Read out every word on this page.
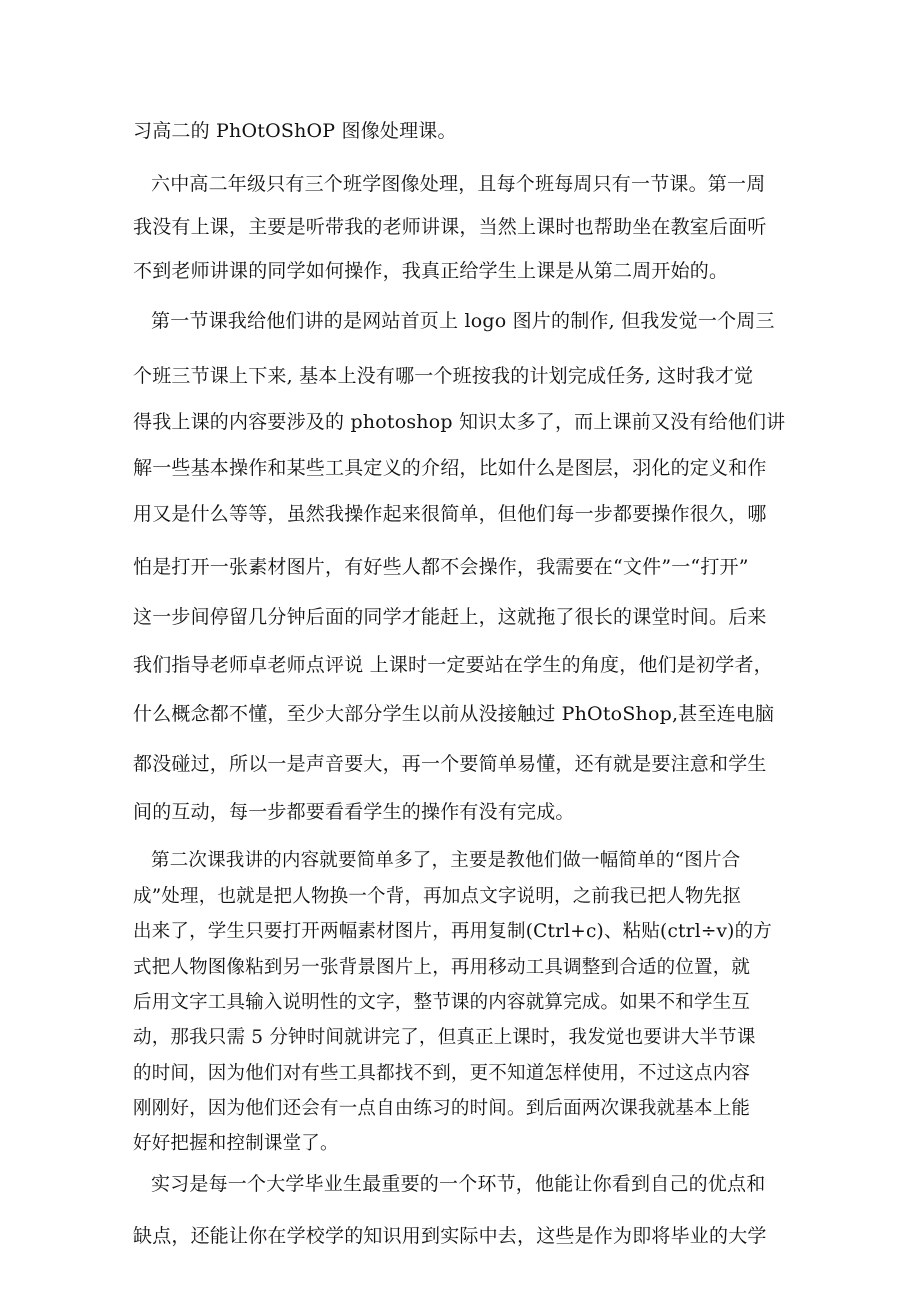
习高二的 PhOtOShOP 图像处理课。
六中高二年级只有三个班学图像处理，且每个班每周只有一节课。第一周
我没有上课，主要是听带我的老师讲课，当然上课时也帮助坐在教室后面听
不到老师讲课的同学如何操作，我真正给学生上课是从第二周开始的。
第一节课我给他们讲的是网站首页上 logo 图片的制作, 但我发觉一个周三
个班三节课上下来, 基本上没有哪一个班按我的计划完成任务, 这时我才觉
得我上课的内容要涉及的 photoshop 知识太多了，而上课前又没有给他们讲
解一些基本操作和某些工具定义的介绍，比如什么是图层，羽化的定义和作
用又是什么等等，虽然我操作起来很简单，但他们每一步都要操作很久，哪
怕是打开一张素材图片，有好些人都不会操作，我需要在“文件”一“打开”
这一步间停留几分钟后面的同学才能赶上，这就拖了很长的课堂时间。后来
我们指导老师卓老师点评说 上课时一定要站在学生的角度，他们是初学者，
什么概念都不懂，至少大部分学生以前从没接触过 PhOtoShop,甚至连电脑
都没碰过，所以一是声音要大，再一个要简单易懂，还有就是要注意和学生
间的互动，每一步都要看看学生的操作有没有完成。
第二次课我讲的内容就要简单多了，主要是教他们做一幅简单的“图片合
成”处理，也就是把人物换一个背，再加点文字说明，之前我已把人物先抠
出来了，学生只要打开两幅素材图片，再用复制(Ctrl+c)、粘贴(ctrl÷v)的方
式把人物图像粘到另一张背景图片上，再用移动工具调整到合适的位置，就
后用文字工具输入说明性的文字，整节课的内容就算完成。如果不和学生互
动，那我只需 5 分钟时间就讲完了，但真正上课时，我发觉也要讲大半节课
的时间，因为他们对有些工具都找不到，更不知道怎样使用，不过这点内容
刚刚好，因为他们还会有一点自由练习的时间。到后面两次课我就基本上能
好好把握和控制课堂了。
实习是每一个大学毕业生最重要的一个环节，他能让你看到自己的优点和
缺点，还能让你在学校学的知识用到实际中去，这些是作为即将毕业的大学
